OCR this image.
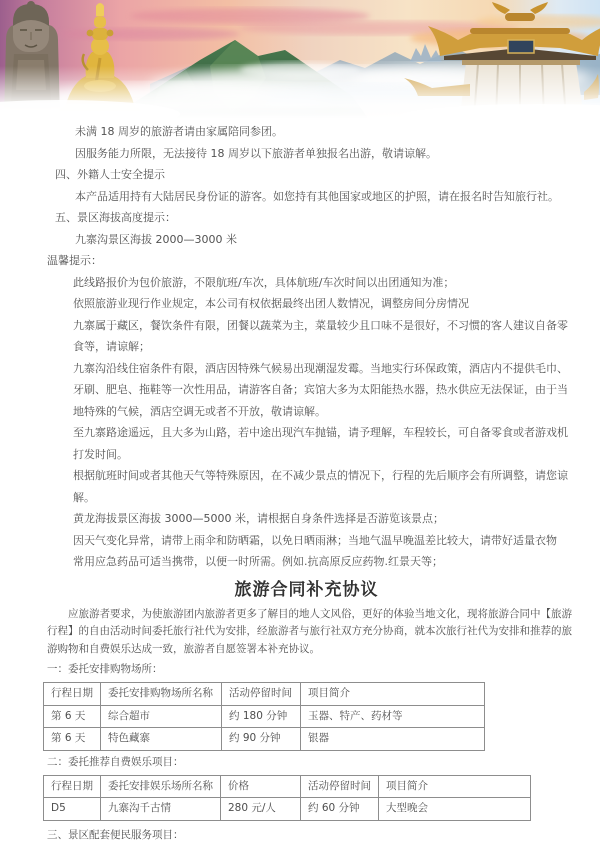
未满 18 周岁的旅游者请由家属陪同参团。
因服务能力所限，无法接待 18 周岁以下旅游者单独报名出游，敬请谅解。
四、外籍人士安全提示
本产品适用持有大陆居民身份证的游客。如您持有其他国家或地区的护照，请在报名时告知旅行社。
五、景区海拔高度提示：
九寨沟景区海拔 2000—3000 米
温馨提示：
此线路报价为包价旅游，不限航班/车次，具体航班/车次时间以出团通知为准；
依照旅游业现行作业规定，本公司有权依据最终出团人数情况，调整房间分房情况
九寨属于藏区，餐饮条件有限，团餐以蔬菜为主，菜量较少且口味不是很好，不习惯的客人建议自备零食等，请谅解；
九寨沟沿线住宿条件有限，酒店因特殊气候易出现潮湿发霉。当地实行环保政策，酒店内不提供毛巾、牙刷、肥皂、拖鞋等一次性用品，请游客自备；宾馆大多为太阳能热水器，热水供应无法保证，由于当地特殊的气候，酒店空调无或者不开放，敬请谅解。
至九寨路途遥远，且大多为山路，若中途出现汽车抛锚，请予理解，车程较长，可自备零食或者游戏机打发时间。
根据航班时间或者其他天气等特殊原因，在不减少景点的情况下，行程的先后顺序会有所调整，请您谅解。
黄龙海拔景区海拔 3000—5000 米，请根据自身条件选择是否游览该景点；
因天气变化异常，请带上雨伞和防晒霜，以免日晒雨淋；当地气温早晚温差比较大，请带好适量衣物
常用应急药品可适当携带，以便一时所需。例如.抗高原反应药物.红景天等；
旅游合同补充协议
应旅游者要求，为使旅游团内旅游者更多了解目的地人文风俗，更好的体验当地文化，现将旅游合同中【旅游行程】的自由活动时间委托旅行社代为安排，经旅游者与旅行社双方充分协商，就本次旅行社代为安排和推荐的旅游购物和自费娱乐达成一致，旅游者自愿签署本补充协议。
一：委托安排购物场所：
行程日期	委托安排购物场所名称	活动停留时间	项目简介
第 6 天	综合超市	约 180 分钟	玉器、特产、药材等
第 6 天	特色藏寨	约 90 分钟	银器
二：委托推荐自费娱乐项目：
行程日期	委托安排娱乐场所名称	价格	活动停留时间	项目简介
D5	九寨沟千古情	280 元/人	约 60 分钟	大型晚会
三、景区配套便民服务项目：
